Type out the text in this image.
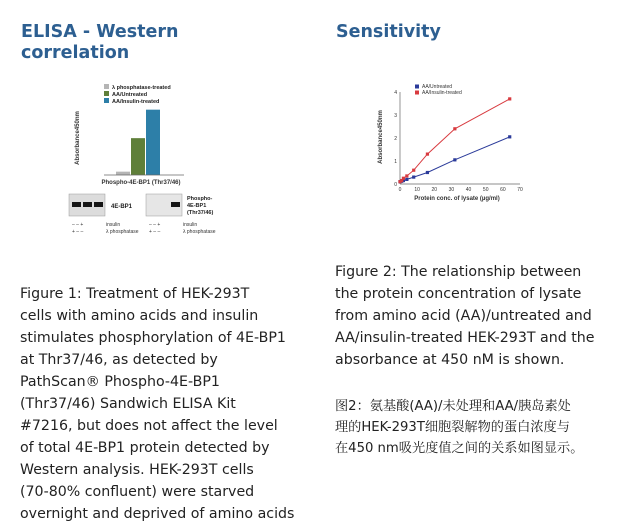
ELISA - Western
correlation
Absorbance450nm
Phospho-4E-BP1 (Thr37/46)
λ phosphatase-treated
AA/Untreated
AA/Insulin-treated
4E-BP1
Phospho-
4E-BP1
(Thr37/46)
– – +
+ – –
insulin
λ phosphatase
– – +
+ – –
insulin
λ phosphatase
Figure 1: Treatment of HEK-293T
cells with amino acids and insulin
stimulates phosphorylation of 4E-BP1
at Thr37/46, as detected by
PathScan® Phospho-4E-BP1
(Thr37/46) Sandwich ELISA Kit
#7216, but does not affect the level
of total 4E-BP1 protein detected by
Western analysis. HEK-293T cells
(70-80% confluent) were starved
overnight and deprived of amino acids
Sensitivity
Absorbance450nm
0	10 20 30 40 50 60 70
0
1
2
3
4
AA/Untreated
AA/Insulin-treated
Protein conc. of lysate (µg/ml)
Figure 2: The relationship between
the protein concentration of lysate
from amino acid (AA)/untreated and
AA/insulin-treated HEK-293T and the
absorbance at 450 nM is shown.
图2：氨基酸(AA)/未处理和AA/胰岛素处
理的HEK-293T细胞裂解物的蛋白浓度与
在450 nm吸光度值之间的关系如图显示。
